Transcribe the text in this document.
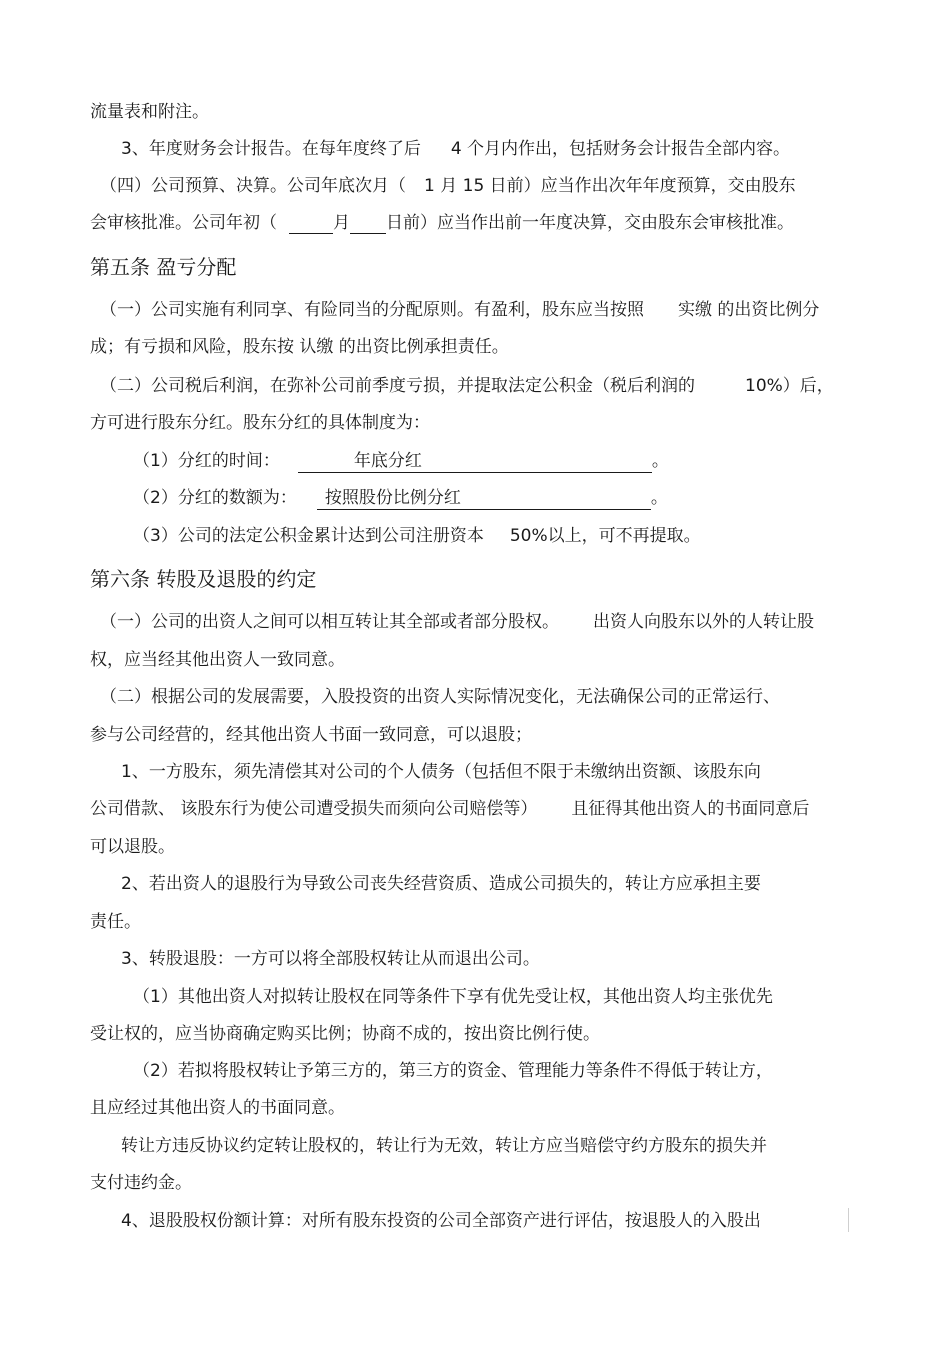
流量表和附注。
3、年度财务会计报告。在每年度终了后 4 个月内作出，包括财务会计报告全部内容。
（四）公司预算、决算。公司年底次月（ 1 月 15 日前）应当作出次年年度预算，交由股东
会审核批准。公司年初（	月 日前）应当作出前一年度决算，交由股东会审核批准。
第五条 盈亏分配
（一）公司实施有利同享、有险同当的分配原则。有盈利，股东应当按照 实缴 的出资比例分
成；有亏损和风险，股东按 认缴 的出资比例承担责任。
（二）公司税后利润，在弥补公司前季度亏损，并提取法定公积金（税后利润的	10%）后，
方可进行股东分红。股东分红的具体制度为：
（1）分红的时间：	年底分红	。
（2）分红的数额为： 按照股份比例分红	。
（3）公司的法定公积金累计达到公司注册资本 50%以上，可不再提取。
第六条 转股及退股的约定
（一）公司的出资人之间可以相互转让其全部或者部分股权。 出资人向股东以外的人转让股
权，应当经其他出资人一致同意。
（二）根据公司的发展需要，入股投资的出资人实际情况变化，无法确保公司的正常运行、
参与公司经营的，经其他出资人书面一致同意，可以退股；
1、一方股东，须先清偿其对公司的个人债务（包括但不限于未缴纳出资额、该股东向
公司借款、 该股东行为使公司遭受损失而须向公司赔偿等） 且征得其他出资人的书面同意后
可以退股。
2、若出资人的退股行为导致公司丧失经营资质、造成公司损失的，转让方应承担主要
责任。
3、转股退股：一方可以将全部股权转让从而退出公司。
（1）其他出资人对拟转让股权在同等条件下享有优先受让权，其他出资人均主张优先
受让权的，应当协商确定购买比例；协商不成的，按出资比例行使。
（2）若拟将股权转让予第三方的，第三方的资金、管理能力等条件不得低于转让方，
且应经过其他出资人的书面同意。
转让方违反协议约定转让股权的，转让行为无效，转让方应当赔偿守约方股东的损失并
支付违约金。
4、退股股权份额计算：对所有股东投资的公司全部资产进行评估，按退股人的入股出
